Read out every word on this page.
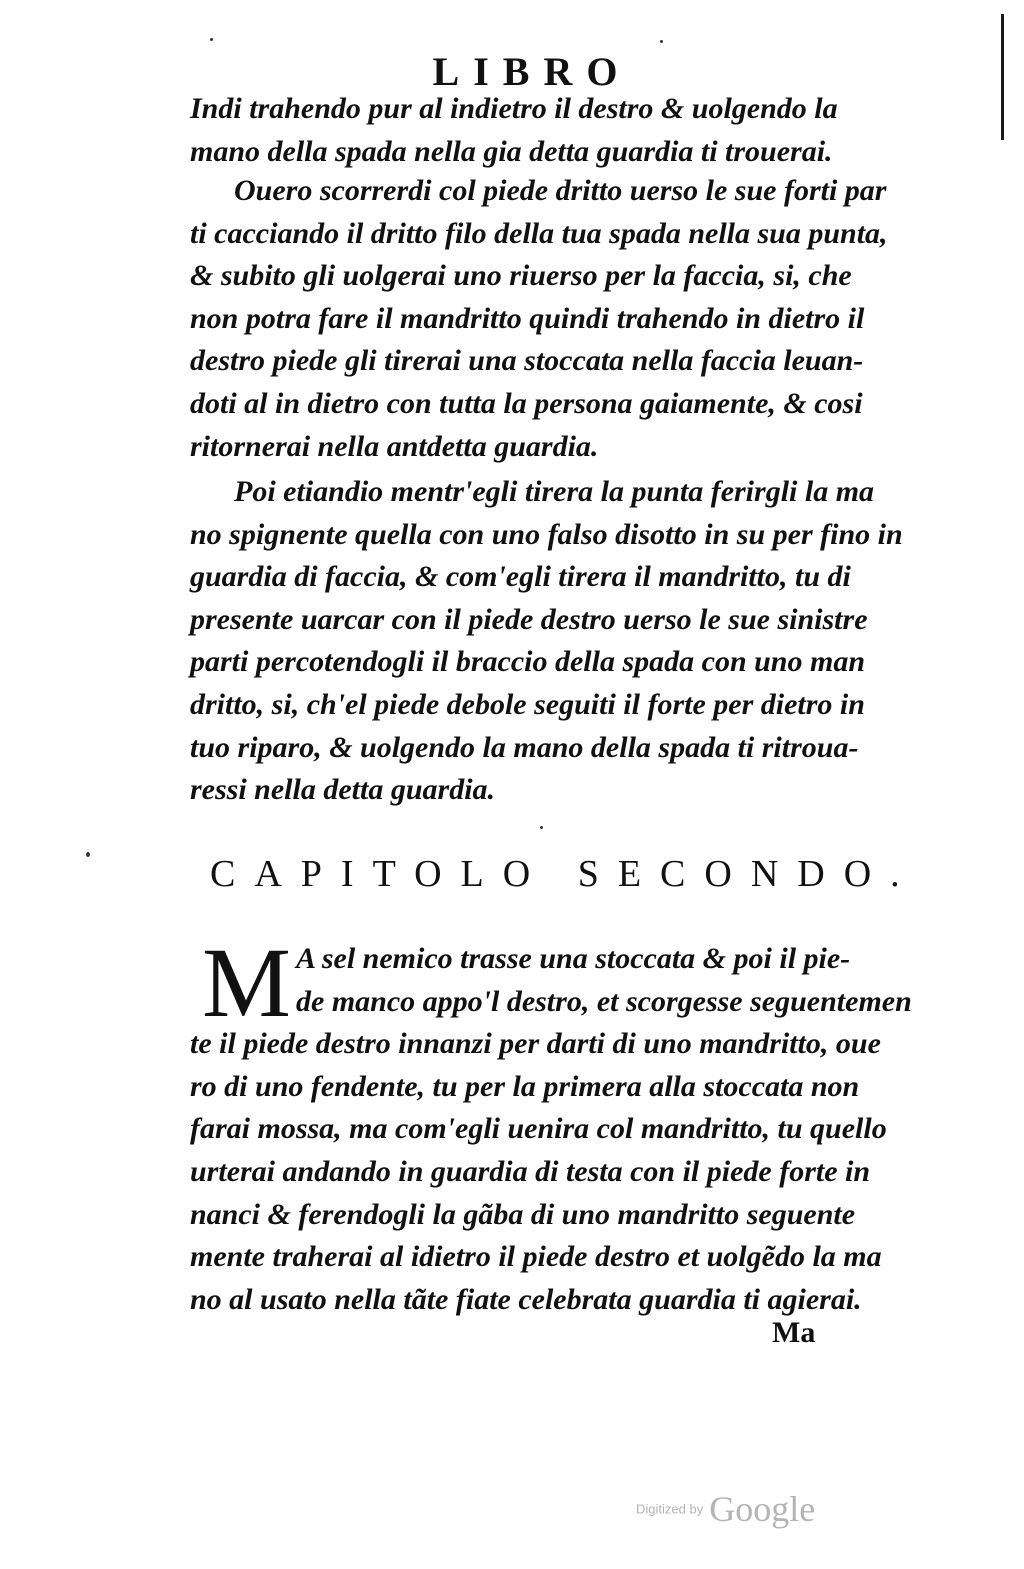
LIBRO
Indi trahendo pur al indietro il destro & uolgendo la
mano della spada nella gia detta guardia ti trouerai.
Ouero scorrerdi col piede dritto uerso le sue forti par
ti cacciando il dritto filo della tua spada nella sua punta,
& subito gli uolgerai uno riuerso per la faccia, si, che
non potra fare il mandritto quindi trahendo in dietro il
destro piede gli tirerai una stoccata nella faccia leuan-
doti al in dietro con tutta la persona gaiamente, & cosi
ritornerai nella antdetta guardia.
Poi etiandio mentr'egli tirera la punta ferirgli la ma
no spignente quella con uno falso disotto in su per fino in
guardia di faccia, & com'egli tirera il mandritto, tu di
presente uarcar con il piede destro uerso le sue sinistre
parti percotendogli il braccio della spada con uno man
dritto, si, ch'el piede debole seguiti il forte per dietro in
tuo riparo, & uolgendo la mano della spada ti ritroua-
ressi nella detta guardia.
CAPITOLO SECONDO.
M A sel nemico trasse una stoccata & poi il pie-
de manco appo'l destro, et scorgesse seguentemen
te il piede destro innanzi per darti di uno mandritto, oue
ro di uno fendente, tu per la primera alla stoccata non
farai mossa, ma com'egli uenira col mandritto, tu quello
urterai andando in guardia di testa con il piede forte in
nanci & ferendogli la gãba di uno mandritto seguente
mente traherai al idietro il piede destro et uolgẽdo la ma
no al usato nella tãte fiate celebrata guardia ti agierai.
Ma
Digitized by Google
